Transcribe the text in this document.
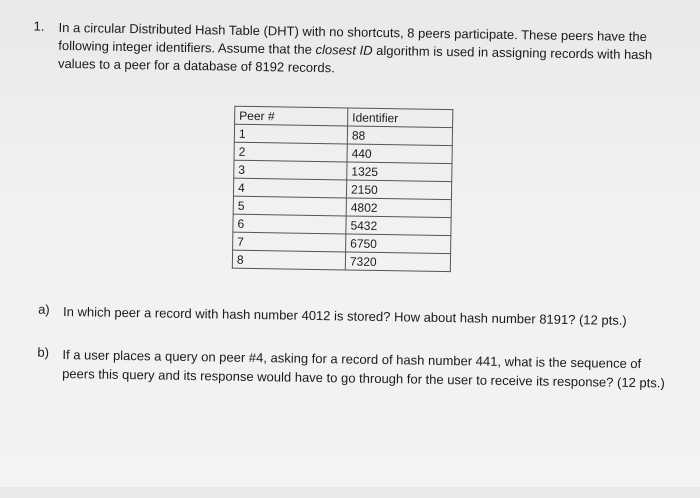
1. In a circular Distributed Hash Table (DHT) with no shortcuts, 8 peers participate. These peers have the following integer identifiers. Assume that the closest ID algorithm is used in assigning records with hash values to a peer for a database of 8192 records.
Peer #	Identifier
1	88
2	440
3	1325
4	2150
5	4802
6	5432
7	6750
8	7320
a) In which peer a record with hash number 4012 is stored? How about hash number 8191? (12 pts.)
b) If a user places a query on peer #4, asking for a record of hash number 441, what is the sequence of peers this query and its response would have to go through for the user to receive its response? (12 pts.)
